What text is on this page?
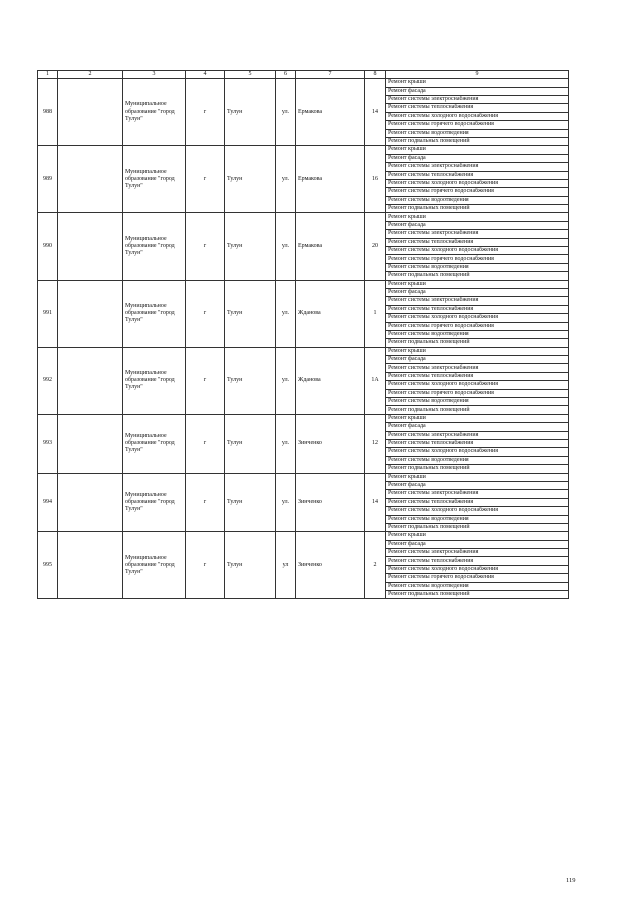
1	2	3	4	5	6	7	8	9
988		Муниципальное образование "город Тулун"	г	Тулун	ул.	Ермакова	14	Ремонт крыши
								Ремонт фасада
								Ремонт системы электроснабжения
								Ремонт системы теплоснабжения
								Ремонт системы холодного водоснабжения
								Ремонт системы горячего водоснабжения
								Ремонт системы водоотведения
								Ремонт подвальных помещений
989		Муниципальное образование "город Тулун"	г	Тулун	ул.	Ермакова	16	Ремонт крыши
								Ремонт фасада
								Ремонт системы электроснабжения
								Ремонт системы теплоснабжения
								Ремонт системы холодного водоснабжения
								Ремонт системы горячего водоснабжения
								Ремонт системы водоотведения
								Ремонт подвальных помещений
990		Муниципальное образование "город Тулун"	г	Тулун	ул.	Ермакова	20	Ремонт крыши
								Ремонт фасада
								Ремонт системы электроснабжения
								Ремонт системы теплоснабжения
								Ремонт системы холодного водоснабжения
								Ремонт системы горячего водоснабжения
								Ремонт системы водоотведения
								Ремонт подвальных помещений
991		Муниципальное образование "город Тулун"	г	Тулун	ул.	Жданова	1	Ремонт крыши
								Ремонт фасада
								Ремонт системы электроснабжения
								Ремонт системы теплоснабжения
								Ремонт системы холодного водоснабжения
								Ремонт системы горячего водоснабжения
								Ремонт системы водоотведения
								Ремонт подвальных помещений
992		Муниципальное образование "город Тулун"	г	Тулун	ул.	Жданова	1А	Ремонт крыши
								Ремонт фасада
								Ремонт системы электроснабжения
								Ремонт системы теплоснабжения
								Ремонт системы холодного водоснабжения
								Ремонт системы горячего водоснабжения
								Ремонт системы водоотведения
								Ремонт подвальных помещений
993		Муниципальное образование "город Тулун"	г	Тулун	ул.	Зинченко	12	Ремонт крыши
								Ремонт фасада
								Ремонт системы электроснабжения
								Ремонт системы теплоснабжения
								Ремонт системы холодного водоснабжения
								Ремонт системы водоотведения
								Ремонт подвальных помещений
994		Муниципальное образование "город Тулун"	г	Тулун	ул.	Зинченко	14	Ремонт крыши
								Ремонт фасада
								Ремонт системы электроснабжения
								Ремонт системы теплоснабжения
								Ремонт системы холодного водоснабжения
								Ремонт системы водоотведения
								Ремонт подвальных помещений
995		Муниципальное образование "город Тулун"	г	Тулун	ул	Зинченко	2	Ремонт крыши
								Ремонт фасада
								Ремонт системы электроснабжения
								Ремонт системы теплоснабжения
								Ремонт системы холодного водоснабжения
								Ремонт системы горячего водоснабжения
								Ремонт системы водоотведения
								Ремонт подвальных помещений
119
